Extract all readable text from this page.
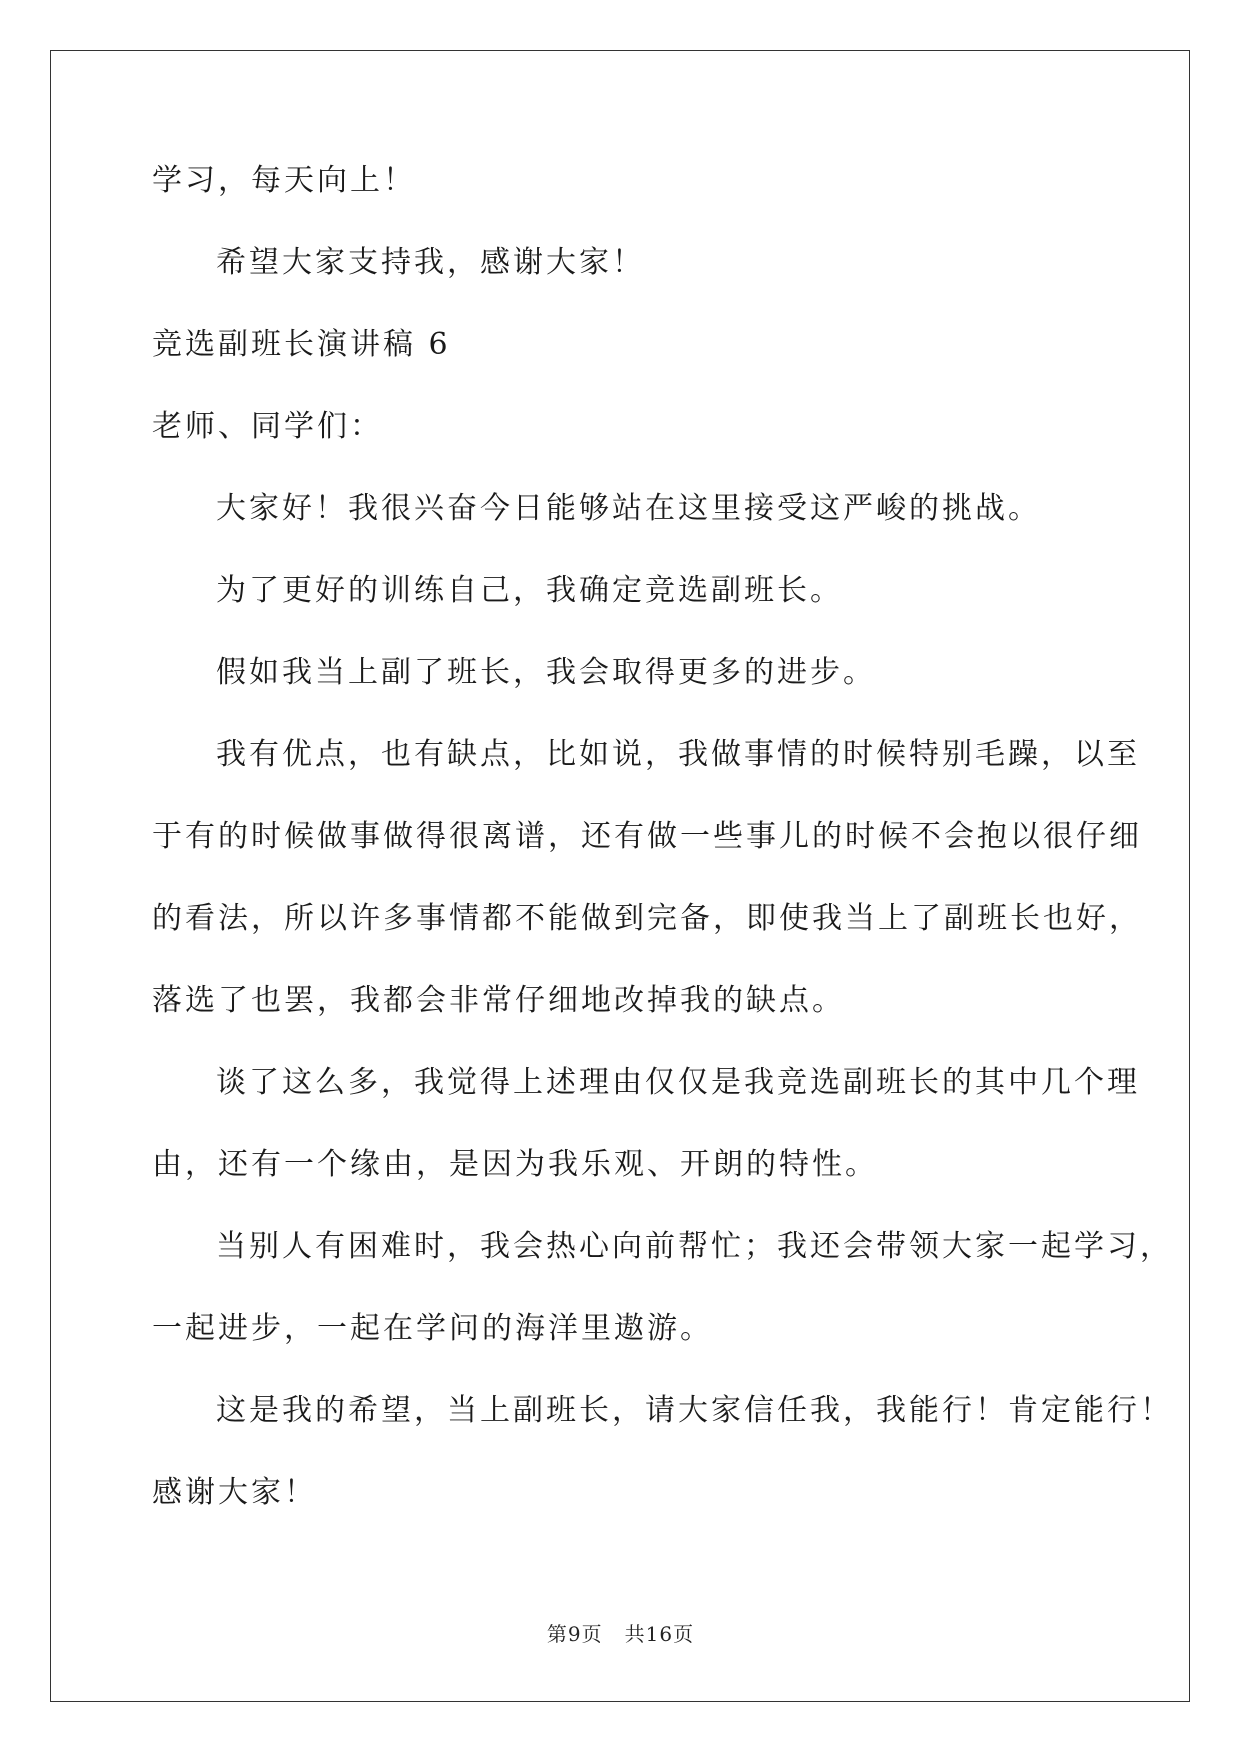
学习，每天向上！
希望大家支持我，感谢大家！
竞选副班长演讲稿 6
老师、同学们：
大家好！我很兴奋今日能够站在这里接受这严峻的挑战。
为了更好的训练自己，我确定竞选副班长。
假如我当上副了班长，我会取得更多的进步。
我有优点，也有缺点，比如说，我做事情的时候特别毛躁，以至
于有的时候做事做得很离谱，还有做一些事儿的时候不会抱以很仔细
的看法，所以许多事情都不能做到完备，即使我当上了副班长也好，
落选了也罢，我都会非常仔细地改掉我的缺点。
谈了这么多，我觉得上述理由仅仅是我竞选副班长的其中几个理
由，还有一个缘由，是因为我乐观、开朗的特性。
当别人有困难时，我会热心向前帮忙；我还会带领大家一起学习，
一起进步，一起在学问的海洋里遨游。
这是我的希望，当上副班长，请大家信任我，我能行！肯定能行！
感谢大家！
第9页 共16页
